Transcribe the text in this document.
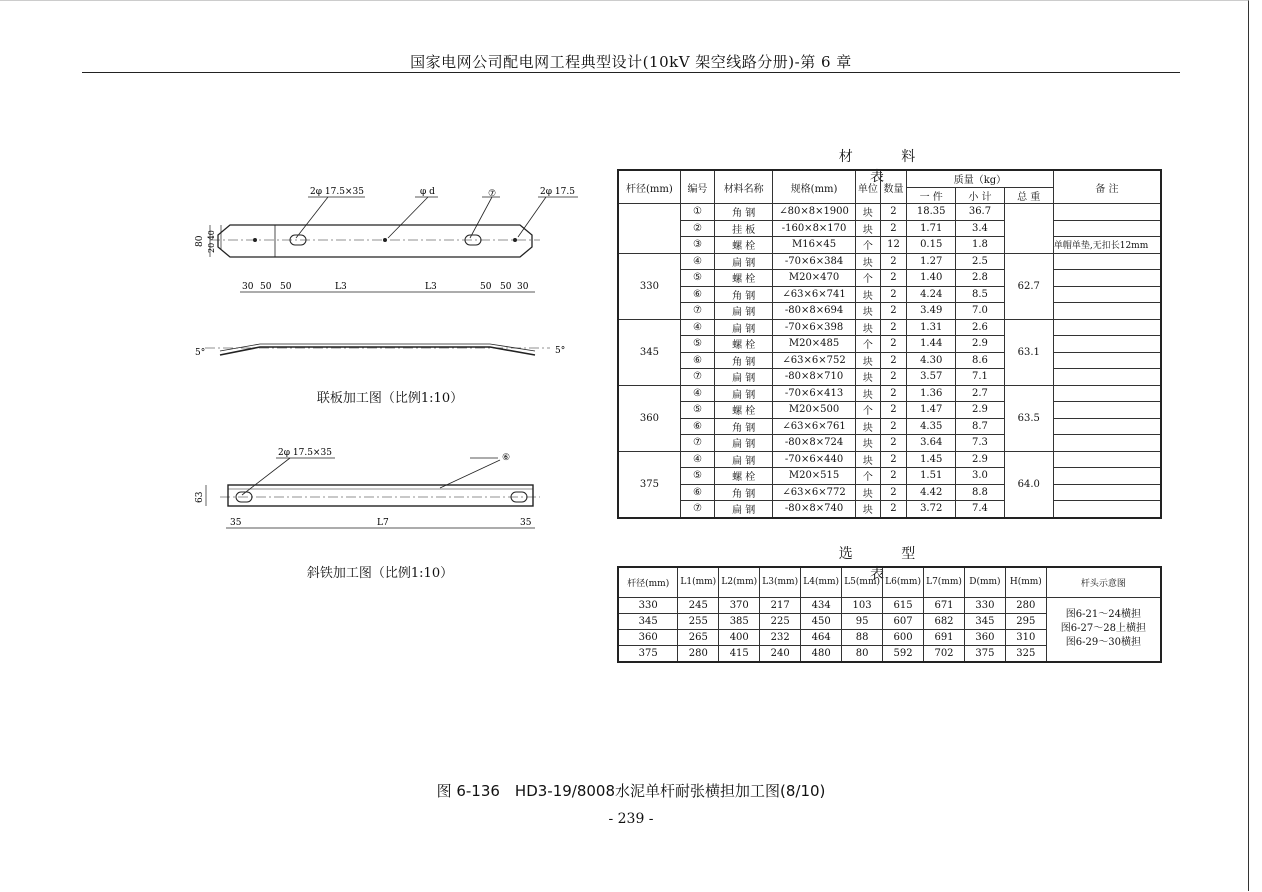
国家电网公司配电网工程典型设计(10kV 架空线路分册)-第 6 章
2φ 17.5×35	φ d	⑦	2φ 17.5
80 20 40
30 50 50	L3	L3	50 50 30
5°	5°
联板加工图（比例1:10）
2φ 17.5×35	⑥
63
35	L7	35
斜铁加工图（比例1:10）
材 料 表
杆径(mm)	编号	材料名称	规格(mm)	单位	数量	质量（kg）			备 注
						一 件	小 计	总 重	
	①	角 钢	∠80×8×1900	块	2	18.35	36.7		
	②	挂 板	-160×8×170	块	2	1.71	3.4		
	③	螺 栓	M16×45	个	12	0.15	1.8		单帽单垫,无扣长12mm
330	④	扁 钢	-70×6×384	块	2	1.27	2.5	62.7	
	⑤	螺 栓	M20×470	个	2	1.40	2.8		
	⑥	角 钢	∠63×6×741	块	2	4.24	8.5		
	⑦	扁 钢	-80×8×694	块	2	3.49	7.0		
345	④	扁 钢	-70×6×398	块	2	1.31	2.6	63.1	
	⑤	螺 栓	M20×485	个	2	1.44	2.9		
	⑥	角 钢	∠63×6×752	块	2	4.30	8.6		
	⑦	扁 钢	-80×8×710	块	2	3.57	7.1		
360	④	扁 钢	-70×6×413	块	2	1.36	2.7	63.5	
	⑤	螺 栓	M20×500	个	2	1.47	2.9		
	⑥	角 钢	∠63×6×761	块	2	4.35	8.7		
	⑦	扁 钢	-80×8×724	块	2	3.64	7.3		
375	④	扁 钢	-70×6×440	块	2	1.45	2.9	64.0	
	⑤	螺 栓	M20×515	个	2	1.51	3.0		
	⑥	角 钢	∠63×6×772	块	2	4.42	8.8		
	⑦	扁 钢	-80×8×740	块	2	3.72	7.4		
选 型 表
杆径(mm)	L1(mm)	L2(mm)	L3(mm)	L4(mm)	L5(mm)	L6(mm)	L7(mm)	D(mm)	H(mm)	杆头示意图
330	245	370	217	434	103	615	671	330	280	图6-21～24横担
图6-27～28上横担
图6-29～30横担

345	255	385	225	450	95	607	682	345	295	
360	265	400	232	464	88	600	691	360	310	
375	280	415	240	480	80	592	702	375	325	
图 6-136　HD3-19/8008水泥单杆耐张横担加工图(8/10)
- 239 -
